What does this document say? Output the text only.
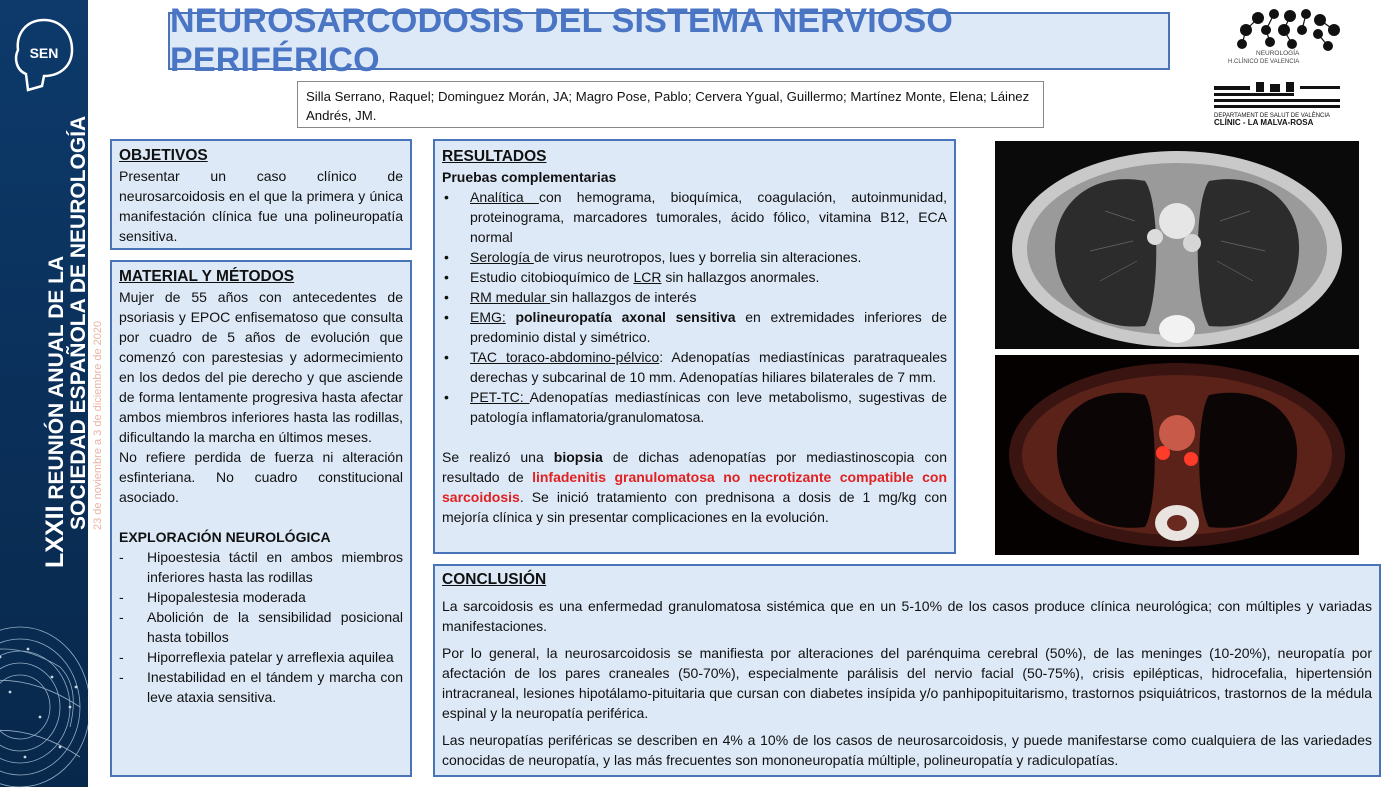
SEN
LXXII REUNIÓN ANUAL DE LA SOCIEDAD ESPAÑOLA DE NEUROLOGÍA 23 de noviembre a 3 de diciembre de 2020
NEUROSARCODOSIS DEL SISTEMA NERVIOSO PERIFÉRICO
Silla Serrano, Raquel; Dominguez Morán, JA; Magro Pose, Pablo; Cervera Ygual, Guillermo; Martínez Monte, Elena; Láinez Andrés, JM.
NEUROLOGÍA
H.CLÍNICO DE VALENCIA
DEPARTAMENT DE SALUT DE VALÈNCIA
CLÍNIC - LA MALVA-ROSA
OBJETIVOS
Presentar un caso clínico de neurosarcoidosis en el que la primera y única manifestación clínica fue una polineuropatía sensitiva.
MATERIAL Y MÉTODOS
Mujer de 55 años con antecedentes de psoriasis y EPOC enfisematoso que consulta por cuadro de 5 años de evolución que comenzó con parestesias y adormecimiento en los dedos del pie derecho y que asciende de forma lentamente progresiva hasta afectar ambos miembros inferiores hasta las rodillas, dificultando la marcha en últimos meses.
No refiere perdida de fuerza ni alteración esfinteriana. No cuadro constitucional asociado.
EXPLORACIÓN NEUROLÓGICA
- Hipoestesia táctil en ambos miembros inferiores hasta las rodillas
- Hipopalestesia moderada
- Abolición de la sensibilidad posicional hasta tobillos
- Hiporreflexia patelar y arreflexia aquilea
- Inestabilidad en el tándem y marcha con leve ataxia sensitiva.
RESULTADOS
Pruebas complementarias
• Analítica con hemograma, bioquímica, coagulación, autoinmunidad, proteinograma, marcadores tumorales, ácido fólico, vitamina B12, ECA normal
• Serología de virus neurotropos, lues y borrelia sin alteraciones.
• Estudio citobioquímico de LCR sin hallazgos anormales.
• RM medular sin hallazgos de interés
• EMG: polineuropatía axonal sensitiva en extremidades inferiores de predominio distal y simétrico.
• TAC toraco-abdomino-pélvico: Adenopatías mediastínicas paratraqueales derechas y subcarinal de 10 mm. Adenopatías hiliares bilaterales de 7 mm.
• PET-TC: Adenopatías mediastínicas con leve metabolismo, sugestivas de patología inflamatoria/granulomatosa.
Se realizó una biopsia de dichas adenopatías por mediastinoscopia con resultado de linfadenitis granulomatosa no necrotizante compatible con sarcoidosis. Se inició tratamiento con prednisona a dosis de 1 mg/kg con mejoría clínica y sin presentar complicaciones en la evolución.
CONCLUSIÓN

La sarcoidosis es una enfermedad granulomatosa sistémica que en un 5-10% de los casos produce clínica neurológica; con múltiples y variadas manifestaciones.

Por lo general, la neurosarcoidosis se manifiesta por alteraciones del parénquima cerebral (50%), de las meninges (10-20%), neuropatía por afectación de los pares craneales (50-70%), especialmente parálisis del nervio facial (50-75%), crisis epilépticas, hidrocefalia, hipertensión intracraneal, lesiones hipotálamo-pituitaria que cursan con diabetes insípida y/o panhipopituitarismo, trastornos psiquiátricos, trastornos de la médula espinal y la neuropatía periférica.

Las neuropatías periféricas se describen en 4% a 10% de los casos de neurosarcoidosis, y puede manifestarse como cualquiera de las variedades conocidas de neuropatía, y las más frecuentes son mononeuropatía múltiple, polineuropatía y radiculopatías.
